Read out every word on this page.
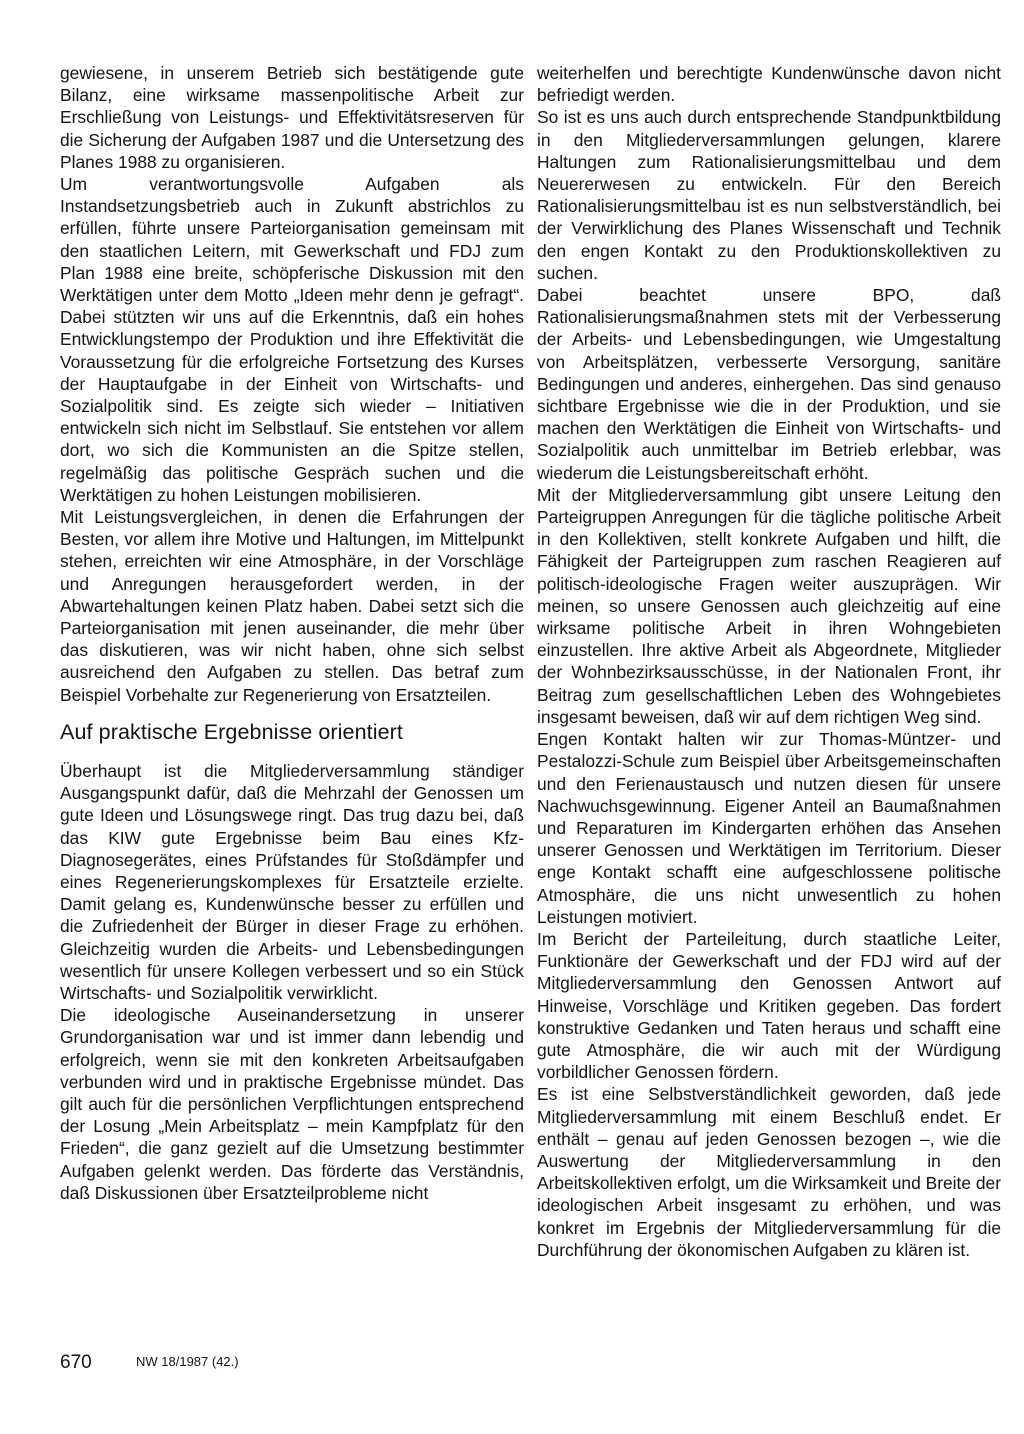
gewiesene, in unserem Betrieb sich bestätigende gute Bilanz, eine wirksame massenpolitische Arbeit zur Erschließung von Leistungs- und Effektivitätsreserven für die Sicherung der Aufgaben 1987 und die Untersetzung des Planes 1988 zu organisieren.

Um verantwortungsvolle Aufgaben als Instandsetzungsbetrieb auch in Zukunft abstrichlos zu erfüllen, führte unsere Parteiorganisation gemeinsam mit den staatlichen Leitern, mit Gewerkschaft und FDJ zum Plan 1988 eine breite, schöpferische Diskussion mit den Werktätigen unter dem Motto „Ideen mehr denn je gefragt“. Dabei stützten wir uns auf die Erkenntnis, daß ein hohes Entwicklungstempo der Produktion und ihre Effektivität die Voraussetzung für die erfolgreiche Fortsetzung des Kurses der Hauptaufgabe in der Einheit von Wirtschafts- und Sozialpolitik sind. Es zeigte sich wieder – Initiativen entwickeln sich nicht im Selbstlauf. Sie entstehen vor allem dort, wo sich die Kommunisten an die Spitze stellen, regelmäßig das politische Gespräch suchen und die Werktätigen zu hohen Leistungen mobilisieren.

Mit Leistungsvergleichen, in denen die Erfahrungen der Besten, vor allem ihre Motive und Haltungen, im Mittelpunkt stehen, erreichten wir eine Atmosphäre, in der Vorschläge und Anregungen herausgefordert werden, in der Abwartehaltungen keinen Platz haben. Dabei setzt sich die Parteiorganisation mit jenen auseinander, die mehr über das diskutieren, was wir nicht haben, ohne sich selbst ausreichend den Aufgaben zu stellen. Das betraf zum Beispiel Vorbehalte zur Regenerierung von Ersatzteilen.

Auf praktische Ergebnisse orientiert

Überhaupt ist die Mitgliederversammlung ständiger Ausgangspunkt dafür, daß die Mehrzahl der Genossen um gute Ideen und Lösungswege ringt. Das trug dazu bei, daß das KIW gute Ergebnisse beim Bau eines Kfz-Diagnosegerätes, eines Prüfstandes für Stoßdämpfer und eines Regenerierungskomplexes für Ersatzteile erzielte. Damit gelang es, Kundenwünsche besser zu erfüllen und die Zufriedenheit der Bürger in dieser Frage zu erhöhen. Gleichzeitig wurden die Arbeits- und Lebensbedingungen wesentlich für unsere Kollegen verbessert und so ein Stück Wirtschafts- und Sozialpolitik verwirklicht.

Die ideologische Auseinandersetzung in unserer Grundorganisation war und ist immer dann lebendig und erfolgreich, wenn sie mit den konkreten Arbeitsaufgaben verbunden wird und in praktische Ergebnisse mündet. Das gilt auch für die persönlichen Verpflichtungen entsprechend der Losung „Mein Arbeitsplatz – mein Kampfplatz für den Frieden“, die ganz gezielt auf die Umsetzung bestimmter Aufgaben gelenkt werden. Das förderte das Verständnis, daß Diskussionen über Ersatzteilprobleme nicht

weiterhelfen und berechtigte Kundenwünsche davon nicht befriedigt werden.

So ist es uns auch durch entsprechende Standpunktbildung in den Mitgliederversammlungen gelungen, klarere Haltungen zum Rationalisierungsmittelbau und dem Neuererwesen zu entwickeln. Für den Bereich Rationalisierungsmittelbau ist es nun selbstverständlich, bei der Verwirklichung des Planes Wissenschaft und Technik den engen Kontakt zu den Produktionskollektiven zu suchen.

Dabei beachtet unsere BPO, daß Rationalisierungsmaßnahmen stets mit der Verbesserung der Arbeits- und Lebensbedingungen, wie Umgestaltung von Arbeitsplätzen, verbesserte Versorgung, sanitäre Bedingungen und anderes, einhergehen. Das sind genauso sichtbare Ergebnisse wie die in der Produktion, und sie machen den Werktätigen die Einheit von Wirtschafts- und Sozialpolitik auch unmittelbar im Betrieb erlebbar, was wiederum die Leistungsbereitschaft erhöht.

Mit der Mitgliederversammlung gibt unsere Leitung den Parteigruppen Anregungen für die tägliche politische Arbeit in den Kollektiven, stellt konkrete Aufgaben und hilft, die Fähigkeit der Parteigruppen zum raschen Reagieren auf politisch-ideologische Fragen weiter auszuprägen. Wir meinen, so unsere Genossen auch gleichzeitig auf eine wirksame politische Arbeit in ihren Wohngebieten einzustellen. Ihre aktive Arbeit als Abgeordnete, Mitglieder der Wohnbezirksausschüsse, in der Nationalen Front, ihr Beitrag zum gesellschaftlichen Leben des Wohngebietes insgesamt beweisen, daß wir auf dem richtigen Weg sind.

Engen Kontakt halten wir zur Thomas-Müntzer- und Pestalozzi-Schule zum Beispiel über Arbeitsgemeinschaften und den Ferienaustausch und nutzen diesen für unsere Nachwuchsgewinnung. Eigener Anteil an Baumaßnahmen und Reparaturen im Kindergarten erhöhen das Ansehen unserer Genossen und Werktätigen im Territorium. Dieser enge Kontakt schafft eine aufgeschlossene politische Atmosphäre, die uns nicht unwesentlich zu hohen Leistungen motiviert.

Im Bericht der Parteileitung, durch staatliche Leiter, Funktionäre der Gewerkschaft und der FDJ wird auf der Mitgliederversammlung den Genossen Antwort auf Hinweise, Vorschläge und Kritiken gegeben. Das fordert konstruktive Gedanken und Taten heraus und schafft eine gute Atmosphäre, die wir auch mit der Würdigung vorbildlicher Genossen fördern.

Es ist eine Selbstverständlichkeit geworden, daß jede Mitgliederversammlung mit einem Beschluß endet. Er enthält – genau auf jeden Genossen bezogen –, wie die Auswertung der Mitgliederversammlung in den Arbeitskollektiven erfolgt, um die Wirksamkeit und Breite der ideologischen Arbeit insgesamt zu erhöhen, und was konkret im Ergebnis der Mitgliederversammlung für die Durchführung der ökonomischen Aufgaben zu klären ist.

670	NW 18/1987 (42.)
